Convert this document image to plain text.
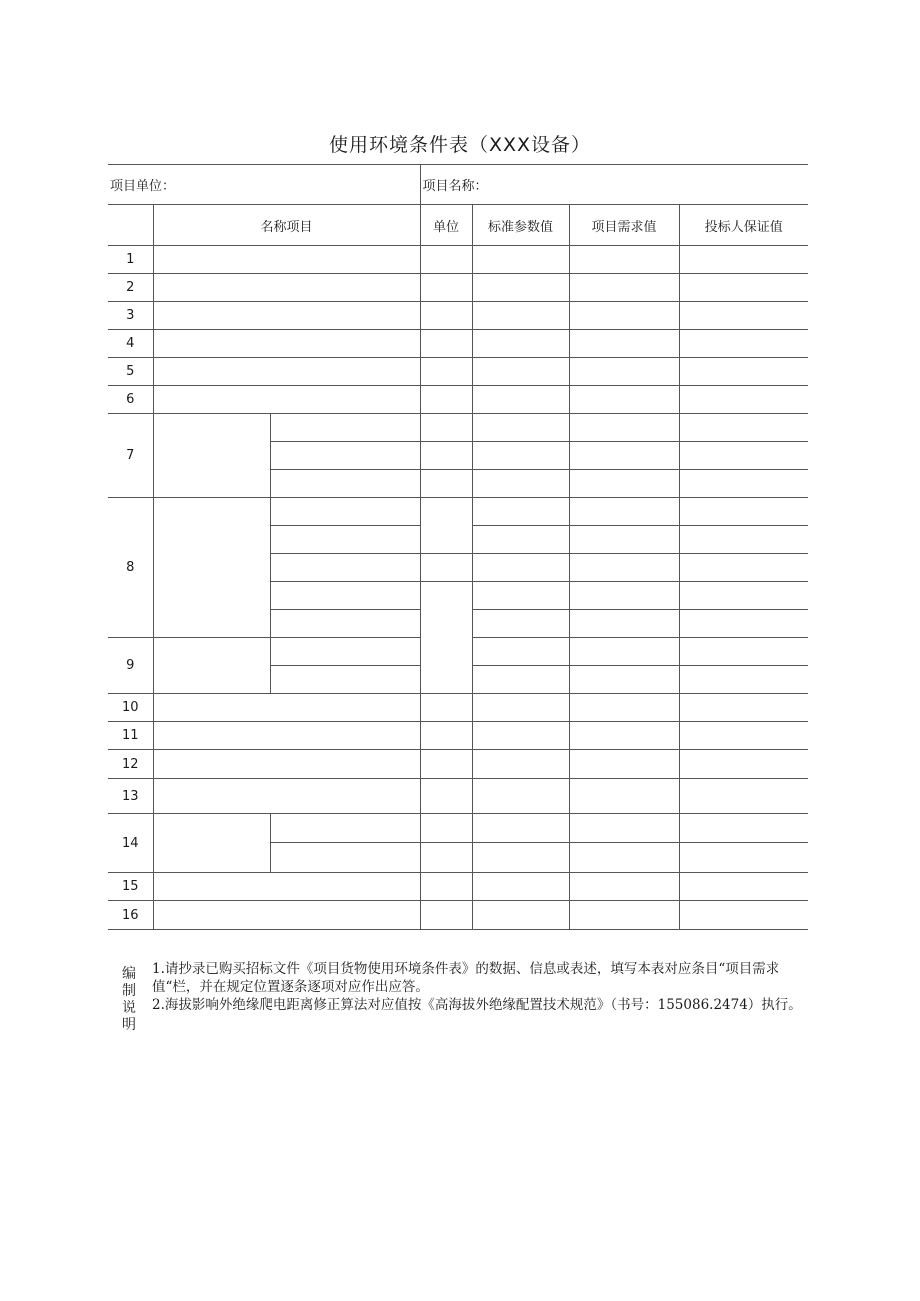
使用环境条件表（XXX设备）
项目单位：			项目名称：			
	名称项目		单位	标准参数值	项目需求值	投标人保证值
1						
2						
3						
4						
5						
6						
7						

8						

9						

10						
11						
12						
13						
14						

15						
16						
编制说明

1.请抄录已购买招标文件《项目货物使用环境条件表》的数据、信息或表述，填写本表对应条目“项目需求值“栏，并在规定位置逐条逐项对应作出应答。

2.海拔影响外绝缘爬电距离修正算法对应值按《高海拔外绝缘配置技术规范》（书号：155086.2474）执行。
